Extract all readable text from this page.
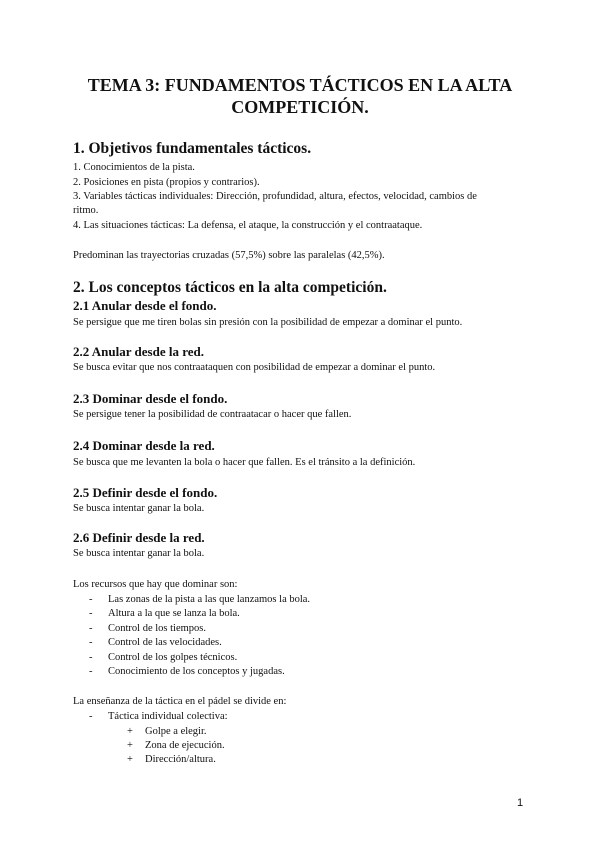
TEMA 3: FUNDAMENTOS TÁCTICOS EN LA ALTA
COMPETICIÓN.
1. Objetivos fundamentales tácticos.

1. Conocimientos de la pista.

2. Posiciones en pista (propios y contrarios).

3. Variables tácticas individuales: Dirección, profundidad, altura, efectos, velocidad, cambios de ritmo.

4. Las situaciones tácticas: La defensa, el ataque, la construcción y el contraataque.

Predominan las trayectorias cruzadas (57,5%) sobre las paralelas (42,5%).

2. Los conceptos tácticos en la alta competición.
2.1 Anular desde el fondo.

Se persigue que me tiren bolas sin presión con la posibilidad de empezar a dominar el punto.

2.2 Anular desde la red.

Se busca evitar que nos contraataquen con posibilidad de empezar a dominar el punto.

2.3 Dominar desde el fondo.

Se persigue tener la posibilidad de contraatacar o hacer que fallen.

2.4 Dominar desde la red.

Se busca que me levanten la bola o hacer que fallen. Es el tránsito a la definición.

2.5 Definir desde el fondo.

Se busca intentar ganar la bola.

2.6 Definir desde la red.

Se busca intentar ganar la bola.

Los recursos que hay que dominar son:

- Las zonas de la pista a las que lanzamos la bola.
- Altura a la que se lanza la bola.
- Control de los tiempos.
- Control de las velocidades.
- Control de los golpes técnicos.
- Conocimiento de los conceptos y jugadas.

La enseñanza de la táctica en el pádel se divide en:

- Táctica individual colectiva:
+ Golpe a elegir.
+ Zona de ejecución.
+ Dirección/altura.
1
